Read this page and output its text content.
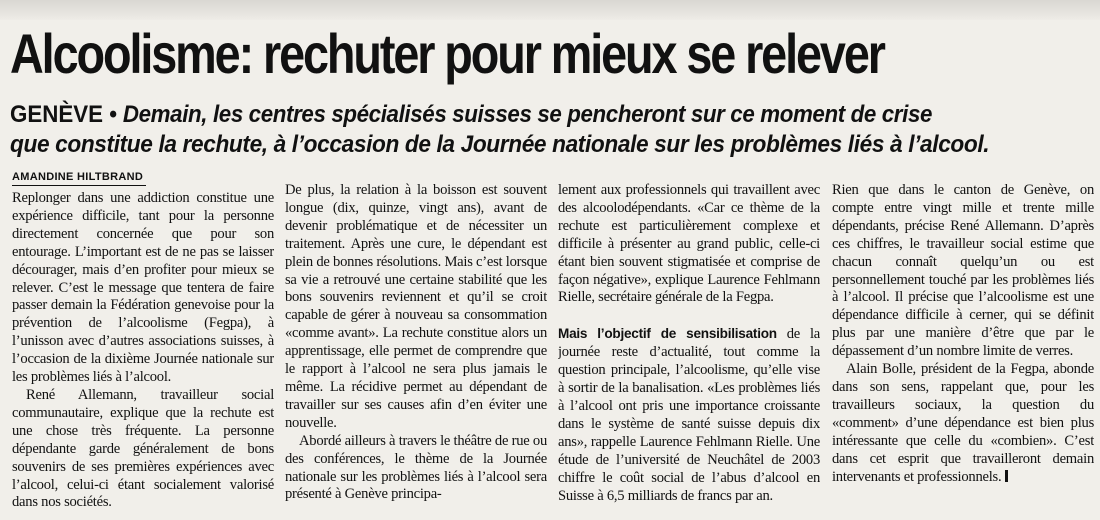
Alcoolisme: rechuter pour mieux se relever
GENÈVE • Demain, les centres spécialisés suisses se pencheront sur ce moment de crise
que constitue la rechute, à l’occasion de la Journée nationale sur les problèmes liés à l’alcool.
AMANDINE HILTBRAND

Replonger dans une addiction constitue une expérience difficile, tant pour la personne directement concernée que pour son entourage. L’important est de ne pas se laisser décourager, mais d’en profiter pour mieux se relever. C’est le message que tentera de faire passer demain la Fédération genevoise pour la prévention de l’alcoolisme (Fegpa), à l’unisson avec d’autres associations suisses, à l’occasion de la dixième Journée nationale sur les problèmes liés à l’alcool.

René Allemann, travailleur social communautaire, explique que la rechute est une chose très fréquente. La personne dépendante garde généralement de bons souvenirs de ses premières expériences avec l’alcool, celui-ci étant socialement valorisé dans nos sociétés.

De plus, la relation à la boisson est souvent longue (dix, quinze, vingt ans), avant de devenir problématique et de nécessiter un traitement. Après une cure, le dépendant est plein de bonnes résolutions. Mais c’est lorsque sa vie a retrouvé une certaine stabilité que les bons souvenirs reviennent et qu’il se croit capable de gérer à nouveau sa consommation «comme avant». La rechute constitue alors un apprentissage, elle permet de comprendre que le rapport à l’alcool ne sera plus jamais le même. La récidive permet au dépendant de travailler sur ses causes afin d’en éviter une nouvelle.

Abordé ailleurs à travers le théâtre de rue ou des conférences, le thème de la Journée nationale sur les problèmes liés à l’alcool sera présenté à Genève principa-

lement aux professionnels qui travaillent avec des alcoolodépendants. «Car ce thème de la rechute est particulièrement complexe et difficile à présenter au grand public, celle-ci étant bien souvent stigmatisée et comprise de façon négative», explique Laurence Fehlmann Rielle, secrétaire générale de la Fegpa.

Mais l’objectif de sensibilisation de la journée reste d’actualité, tout comme la question principale, l’alcoolisme, qu’elle vise à sortir de la banalisation. «Les problèmes liés à l’alcool ont pris une importance croissante dans le système de santé suisse depuis dix ans», rappelle Laurence Fehlmann Rielle. Une étude de l’université de Neuchâtel de 2003 chiffre le coût social de l’abus d’alcool en Suisse à 6,5 milliards de francs par an.

Rien que dans le canton de Genève, on compte entre vingt mille et trente mille dépendants, précise René Allemann. D’après ces chiffres, le travailleur social estime que chacun connaît quelqu’un ou est personnellement touché par les problèmes liés à l’alcool. Il précise que l’alcoolisme est une dépendance difficile à cerner, qui se définit plus par une manière d’être que par le dépassement d’un nombre limite de verres.

Alain Bolle, président de la Fegpa, abonde dans son sens, rappelant que, pour les travailleurs sociaux, la question du «comment» d’une dépendance est bien plus intéressante que celle du «combien». C’est dans cet esprit que travailleront demain intervenants et professionnels.
